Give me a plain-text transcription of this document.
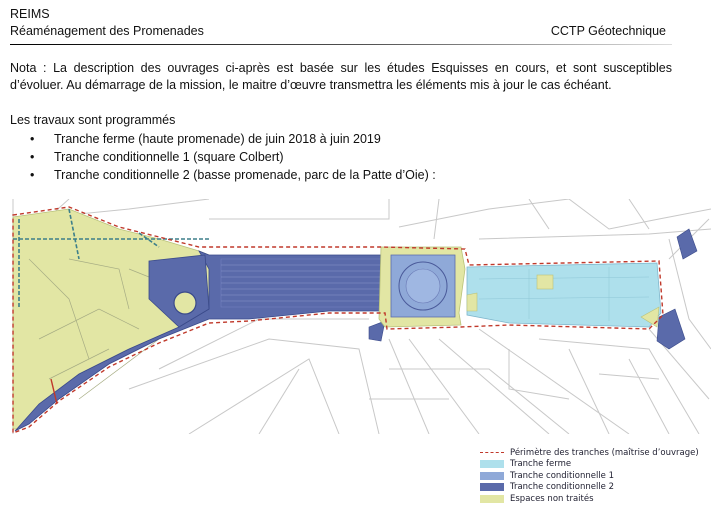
REIMS
Réaménagement des Promenades	CCTP Géotechnique

Nota : La description des ouvrages ci-après est basée sur les études Esquisses en cours, et sont susceptibles d’évoluer. Au démarrage de la mission, le maitre d’œuvre transmettra les éléments mis à jour le cas échéant.

Les travaux sont programmés
• Tranche ferme (haute promenade) de juin 2018 à juin 2019
• Tranche conditionnelle 1 (square Colbert)
• Tranche conditionnelle 2 (basse promenade, parc de la Patte d’Oie) :
Périmètre des tranches (maîtrise d’ouvrage)
Tranche ferme
Tranche conditionnelle 1
Tranche conditionnelle 2
Espaces non traités
